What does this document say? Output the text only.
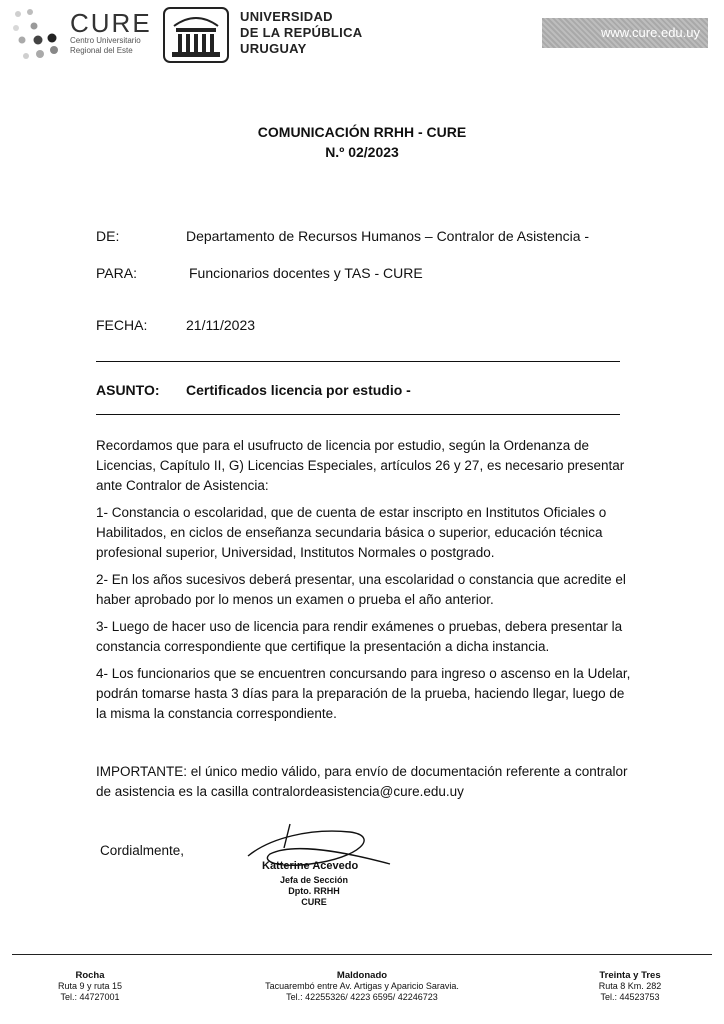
CURE
Centro Universitario
Regional del Este
UNIVERSIDAD
DE LA REPÚBLICA
URUGUAY
www.cure.edu.uy
COMUNICACIÓN RRHH - CURE
N.º 02/2023
DE:	Departamento de Recursos Humanos – Contralor de Asistencia -
PARA:	Funcionarios docentes y TAS - CURE
FECHA:	21/11/2023
ASUNTO: Certificados licencia por estudio -
Recordamos que para el usufructo de licencia por estudio, según la Ordenanza de Licencias, Capítulo II, G) Licencias Especiales, artículos 26 y 27, es necesario presentar ante Contralor de Asistencia:
1- Constancia o escolaridad, que de cuenta de estar inscripto en Institutos Oficiales o Habilitados, en ciclos de enseñanza secundaria básica o superior, educación técnica profesional superior, Universidad, Institutos Normales o postgrado.
2- En los años sucesivos deberá presentar, una escolaridad o constancia que acredite el haber aprobado por lo menos un examen o prueba el año anterior.
3- Luego de hacer uso de licencia para rendir exámenes o pruebas, debera presentar la constancia correspondiente que certifique la presentación a dicha instancia.
4- Los funcionarios que se encuentren concursando para ingreso o ascenso en la Udelar, podrán tomarse hasta 3 días para la preparación de la prueba, haciendo llegar, luego de la misma la constancia correspondiente.
IMPORTANTE: el único medio válido, para envío de documentación referente a contralor de asistencia es la casilla contralordeasistencia@cure.edu.uy
Cordialmente,
Katterine Acevedo
Jefa de Sección
Dpto. RRHH
CURE
Rocha
Ruta 9 y ruta 15
Tel.: 44727001
Maldonado
Tacuarembó entre Av. Artigas y Aparicio Saravia.
Tel.: 42255326/ 4223 6595/ 42246723
Treinta y Tres
Ruta 8 Km. 282
Tel.: 44523753
